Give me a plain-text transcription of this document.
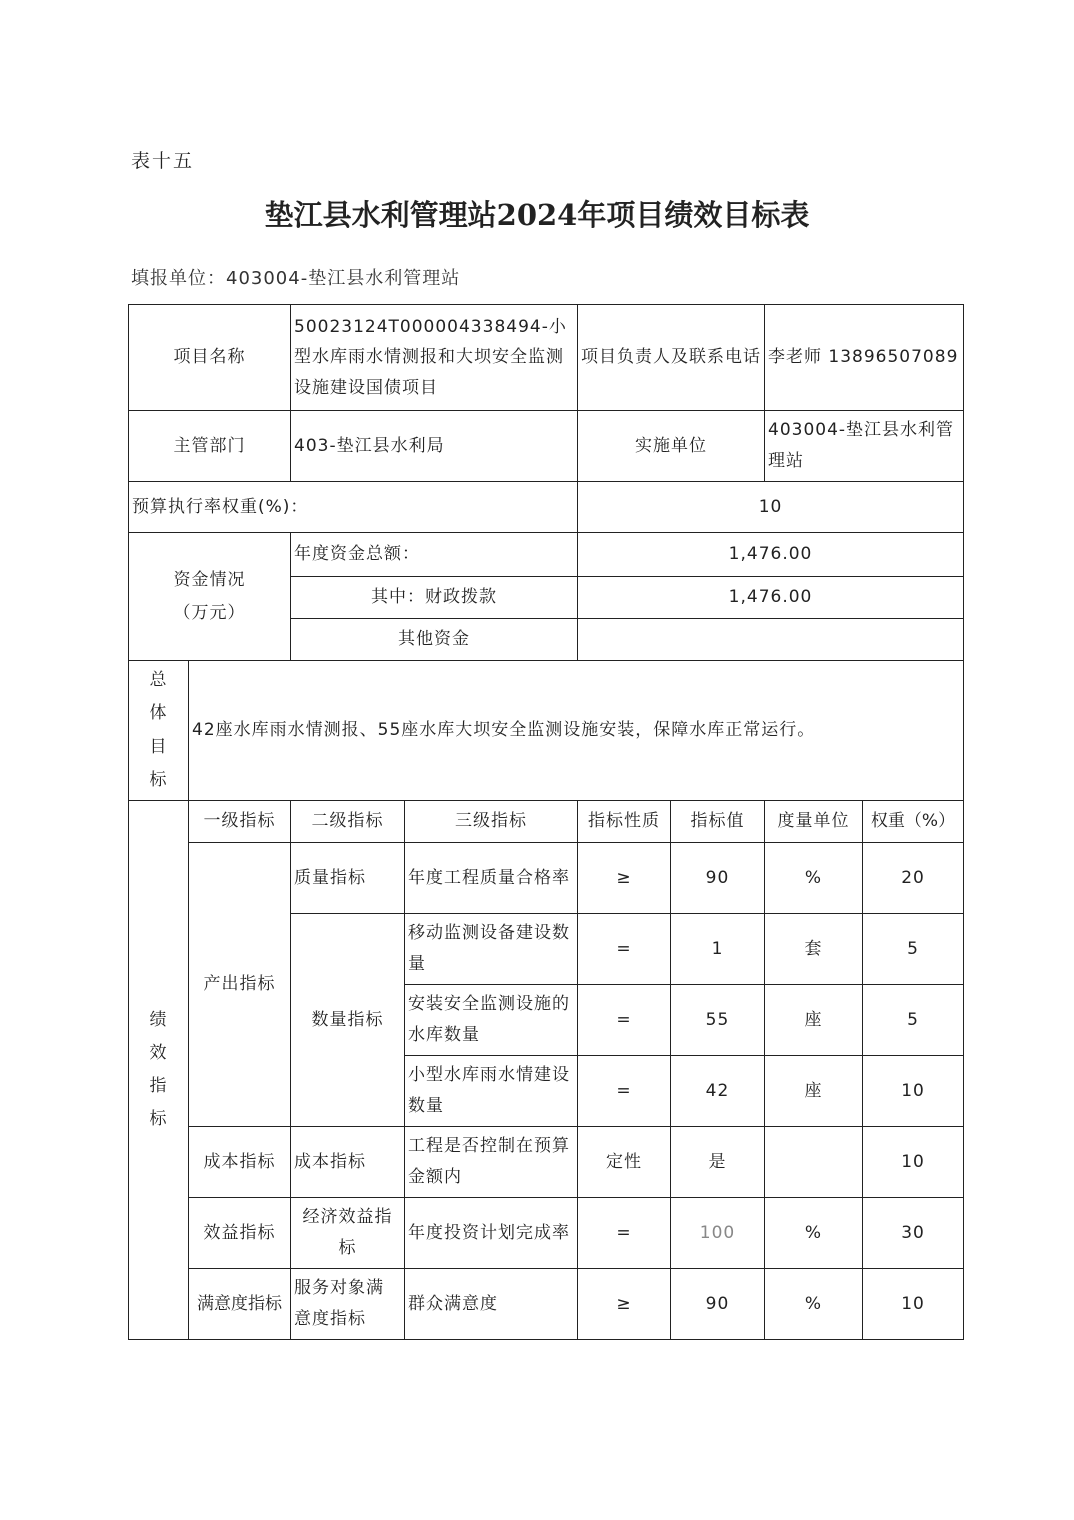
表十五
垫江县水利管理站2024年项目绩效目标表
填报单位：403004-垫江县水利管理站
项目名称		50023124T000004338494-小型水库雨水情测报和大坝安全监测设施建设国债项目		项目负责人及联系电话		李老师 13896507089	
主管部门		403-垫江县水利局		实施单位		403004-垫江县水利管理站	
预算执行率权重(%)：				10			

资金情况
（万元）		年度资金总额：		1,476.00			
		其中：财政拨款		1,476.00			
		其他资金					

总
体
目
标	42座水库雨水情测报、55座水库大坝安全监测设施安装，保障水库正常运行。						

绩
效
指
标	一级指标	二级指标	三级指标	指标性质	指标值	度量单位	权重（%）
	产出指标	质量指标	年度工程质量合格率	≥	90	%	20
		数量指标	移动监测设备建设数量	=	1	套	5
			安装安全监测设施的水库数量	=	55	座	5
			小型水库雨水情建设数量	=	42	座	10
	成本指标	成本指标	工程是否控制在预算金额内	定性	是		10
	效益指标	经济效益指标	年度投资计划完成率	=	100	%	30
	满意度指标	服务对象满意度指标	群众满意度	≥	90	%	10
